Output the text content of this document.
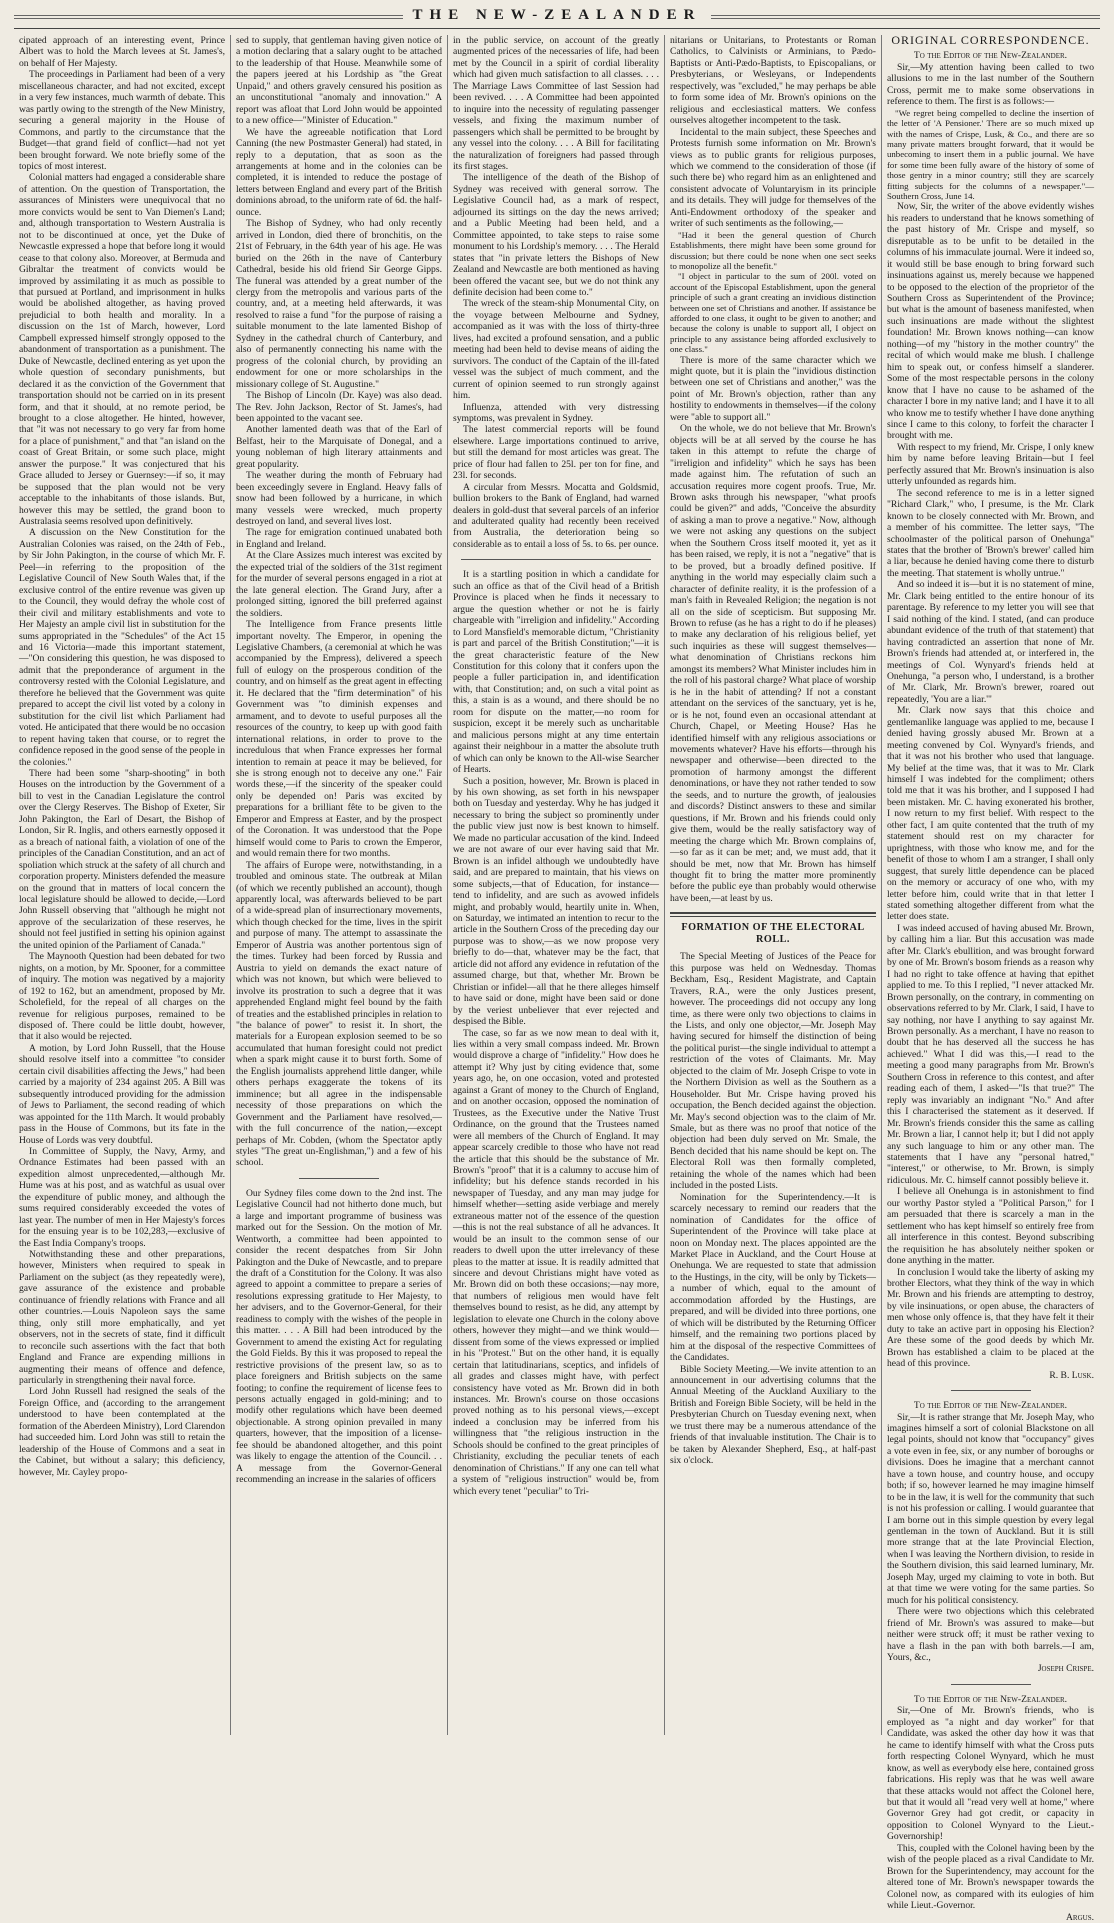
THE NEW-ZEALANDER

cipated approach of an interesting event, Prince Albert was to hold the March levees at St. James's, on behalf of Her Majesty.

The proceedings in Parliament had been of a very miscellaneous character, and had not excited, except in a very few instances, much warmth of debate. This was partly owing to the strength of the New Ministry, securing a general majority in the House of Commons, and partly to the circumstance that the Budget—that grand field of conflict—had not yet been brought forward. We note briefly some of the topics of most interest.

Colonial matters had engaged a considerable share of attention. On the question of Transportation, the assurances of Ministers were unequivocal that no more convicts would be sent to Van Diemen's Land; and, although transportation to Western Australia is not to be discontinued at once, yet the Duke of Newcastle expressed a hope that before long it would cease to that colony also. Moreover, at Bermuda and Gibraltar the treatment of convicts would be improved by assimilating it as much as possible to that pursued at Portland, and imprisonment in hulks would be abolished altogether, as having proved prejudicial to both health and morality. In a discussion on the 1st of March, however, Lord Campbell expressed himself strongly opposed to the abandonment of transportation as a punishment. The Duke of Newcastle, declined entering as yet upon the whole question of secondary punishments, but declared it as the conviction of the Government that transportation should not be carried on in its present form, and that it should, at no remote period, be brought to a close altogether. He hinted, however, that "it was not necessary to go very far from home for a place of punishment," and that "an island on the coast of Great Britain, or some such place, might answer the purpose." It was conjectured that his Grace alluded to Jersey or Guernsey:—if so, it may be supposed that the plan would not be very acceptable to the inhabitants of those islands. But, however this may be settled, the grand boon to Australasia seems resolved upon definitively.

A discussion on the New Constitution for the Australian Colonies was raised, on the 24th of Feb., by Sir John Pakington, in the course of which Mr. F. Peel—in referring to the proposition of the Legislative Council of New South Wales that, if the exclusive control of the entire revenue was given up to the Council, they would defray the whole cost of their civil and military establishments and vote to Her Majesty an ample civil list in substitution for the sums appropriated in the "Schedules" of the Act 15 and 16 Victoria—made this important statement,—"On considering this question, he was disposed to admit that the preponderance of argument in the controversy rested with the Colonial Legislature, and therefore he believed that the Government was quite prepared to accept the civil list voted by a colony in substitution for the civil list which Parliament had voted. He anticipated that there would be no occasion to repent having taken that course, or to regret the confidence reposed in the good sense of the people in the colonies."

There had been some "sharp-shooting" in both Houses on the introduction by the Government of a bill to vest in the Canadian Legislature the control over the Clergy Reserves. The Bishop of Exeter, Sir John Pakington, the Earl of Desart, the Bishop of London, Sir R. Inglis, and others earnestly opposed it as a breach of national faith, a violation of one of the principles of the Canadian Constitution, and an act of spoliation which struck at the safety of all church and corporation property. Ministers defended the measure on the ground that in matters of local concern the local legislature should be allowed to decide,—Lord John Russell observing that "although he might not approve of the secularization of these reserves, he should not feel justified in setting his opinion against the united opinion of the Parliament of Canada."

The Maynooth Question had been debated for two nights, on a motion, by Mr. Spooner, for a committee of inquiry. The motion was negatived by a majority of 192 to 162, but an amendment, proposed by Mr. Scholefield, for the repeal of all charges on the revenue for religious purposes, remained to be disposed of. There could be little doubt, however, that it also would be rejected.

A motion, by Lord John Russell, that the House should resolve itself into a committee "to consider certain civil disabilities affecting the Jews," had been carried by a majority of 234 against 205. A Bill was subsequently introduced providing for the admission of Jews to Parliament, the second reading of which was appointed for the 11th March. It would probably pass in the House of Commons, but its fate in the House of Lords was very doubtful.

In Committee of Supply, the Navy, Army, and Ordnance Estimates had been passed with an expedition almost unprecedented,—although Mr. Hume was at his post, and as watchful as usual over the expenditure of public money, and although the sums required considerably exceeded the votes of last year. The number of men in Her Majesty's forces for the ensuing year is to be 102,283,—exclusive of the East India Company's troops.

Notwithstanding these and other preparations, however, Ministers when required to speak in Parliament on the subject (as they repeatedly were), gave assurance of the existence and probable continuance of friendly relations with France and all other countries.—Louis Napoleon says the same thing, only still more emphatically, and yet observers, not in the secrets of state, find it difficult to reconcile such assertions with the fact that both England and France are expending millions in augmenting their means of offence and defence, particularly in strengthening their naval force.

Lord John Russell had resigned the seals of the Foreign Office, and (according to the arrangement understood to have been contemplated at the formation of the Aberdeen Ministry), Lord Clarendon had succeeded him. Lord John was still to retain the leadership of the House of Commons and a seat in the Cabinet, but without a salary; this deficiency, however, Mr. Cayley propo-

sed to supply, that gentleman having given notice of a motion declaring that a salary ought to be attached to the leadership of that House. Meanwhile some of the papers jeered at his Lordship as "the Great Unpaid," and others gravely censured his position as an unconstitutional "anomaly and innovation." A report was afloat that Lord John would be appointed to a new office—"Minister of Education."

We have the agreeable notification that Lord Canning (the new Postmaster General) had stated, in reply to a deputation, that as soon as the arrangements at home and in the colonies can be completed, it is intended to reduce the postage of letters between England and every part of the British dominions abroad, to the uniform rate of 6d. the half-ounce.

The Bishop of Sydney, who had only recently arrived in London, died there of bronchitis, on the 21st of February, in the 64th year of his age. He was buried on the 26th in the nave of Canterbury Cathedral, beside his old friend Sir George Gipps. The funeral was attended by a great number of the clergy from the metropolis and various parts of the country, and, at a meeting held afterwards, it was resolved to raise a fund "for the purpose of raising a suitable monument to the late lamented Bishop of Sydney in the cathedral church of Canterbury, and also of permanently connecting his name with the progress of the colonial church, by providing an endowment for one or more scholarships in the missionary college of St. Augustine."

The Bishop of Lincoln (Dr. Kaye) was also dead. The Rev. John Jackson, Rector of St. James's, had been appointed to the vacant see.

Another lamented death was that of the Earl of Belfast, heir to the Marquisate of Donegal, and a young nobleman of high literary attainments and great popularity.

The weather during the month of February had been exceedingly severe in England. Heavy falls of snow had been followed by a hurricane, in which many vessels were wrecked, much property destroyed on land, and several lives lost.

The rage for emigration continued unabated both in England and Ireland.

At the Clare Assizes much interest was excited by the expected trial of the soldiers of the 31st regiment for the murder of several persons engaged in a riot at the late general election. The Grand Jury, after a prolonged sitting, ignored the bill preferred against the soldiers.

The Intelligence from France presents little important novelty. The Emperor, in opening the Legislative Chambers, (a ceremonial at which he was accompanied by the Empress), delivered a speech full of eulogy on the prosperous condition of the country, and on himself as the great agent in effecting it. He declared that the "firm determination" of his Government was "to diminish expenses and armament, and to devote to useful purposes all the resources of the country, to keep up with good faith international relations, in order to prove to the incredulous that when France expresses her formal intention to remain at peace it may be believed, for she is strong enough not to deceive any one." Fair words these,—if the sincerity of the speaker could only be depended on! Paris was excited by preparations for a brilliant fête to be given to the Emperor and Empress at Easter, and by the prospect of the Coronation. It was understood that the Pope himself would come to Paris to crown the Emperor, and would remain there for two months.

The affairs of Europe were, notwithstanding, in a troubled and ominous state. The outbreak at Milan (of which we recently published an account), though apparently local, was afterwards believed to be part of a wide-spread plan of insurrectionary movements, which though checked for the time, lives in the spirit and purpose of many. The attempt to assassinate the Emperor of Austria was another portentous sign of the times. Turkey had been forced by Russia and Austria to yield on demands the exact nature of which was not known, but which were believed to involve its prostration to such a degree that it was apprehended England might feel bound by the faith of treaties and the established principles in relation to "the balance of power" to resist it. In short, the materials for a European explosion seemed to be so accumulated that human foresight could not predict when a spark might cause it to burst forth. Some of the English journalists apprehend little danger, while others perhaps exaggerate the tokens of its imminence; but all agree in the indispensable necessity of those preparations on which the Government and the Parliament have resolved,—with the full concurrence of the nation,—except perhaps of Mr. Cobden, (whom the Spectator aptly styles "The great un-Englishman,") and a few of his school.

Our Sydney files come down to the 2nd inst. The Legislative Council had not hitherto done much, but a large and important programme of business was marked out for the Session. On the motion of Mr. Wentworth, a committee had been appointed to consider the recent despatches from Sir John Pakington and the Duke of Newcastle, and to prepare the draft of a Constitution for the Colony. It was also agreed to appoint a committee to prepare a series of resolutions expressing gratitude to Her Majesty, to her advisers, and to the Governor-General, for their readiness to comply with the wishes of the people in this matter. . . . A Bill had been introduced by the Government to amend the existing Act for regulating the Gold Fields. By this it was proposed to repeal the restrictive provisions of the present law, so as to place foreigners and British subjects on the same footing; to confine the requirement of license fees to persons actually engaged in gold-mining; and to modify other regulations which have been deemed objectionable. A strong opinion prevailed in many quarters, however, that the imposition of a license-fee should be abandoned altogether, and this point was likely to engage the attention of the Council. . . A message from the Governor-General recommending an increase in the salaries of officers

in the public service, on account of the greatly augmented prices of the necessaries of life, had been met by the Council in a spirit of cordial liberality which had given much satisfaction to all classes. . . . The Marriage Laws Committee of last Session had been revived. . . . A Committee had been appointed to inquire into the necessity of regulating passenger vessels, and fixing the maximum number of passengers which shall be permitted to be brought by any vessel into the colony. . . . A Bill for facilitating the naturalization of foreigners had passed through its first stages.

The intelligence of the death of the Bishop of Sydney was received with general sorrow. The Legislative Council had, as a mark of respect, adjourned its sittings on the day the news arrived; and a Public Meeting had been held, and a Committee appointed, to take steps to raise some monument to his Lordship's memory. . . . The Herald states that "in private letters the Bishops of New Zealand and Newcastle are both mentioned as having been offered the vacant see, but we do not think any definite decision had been come to."

The wreck of the steam-ship Monumental City, on the voyage between Melbourne and Sydney, accompanied as it was with the loss of thirty-three lives, had excited a profound sensation, and a public meeting had been held to devise means of aiding the survivors. The conduct of the Captain of the ill-fated vessel was the subject of much comment, and the current of opinion seemed to run strongly against him.

Influenza, attended with very distressing symptoms, was prevalent in Sydney.

The latest commercial reports will be found elsewhere. Large importations continued to arrive, but still the demand for most articles was great. The price of flour had fallen to 25l. per ton for fine, and 23l. for seconds.

A circular from Messrs. Mocatta and Goldsmid, bullion brokers to the Bank of England, had warned dealers in gold-dust that several parcels of an inferior and adulterated quality had recently been received from Australia, the deterioration being so considerable as to entail a loss of 5s. to 6s. per ounce.

It is a startling position in which a candidate for such an office as that of the Civil head of a British Province is placed when he finds it necessary to argue the question whether or not he is fairly chargeable with "irreligion and infidelity." According to Lord Mansfield's memorable dictum, "Christianity is part and parcel of the British Constitution;"—it is the great characteristic feature of the New Constitution for this colony that it confers upon the people a fuller participation in, and identification with, that Constitution; and, on such a vital point as this, a stain is as a wound, and there should be no room for dispute on the matter,—no room for suspicion, except it be merely such as uncharitable and malicious persons might at any time entertain against their neighbour in a matter the absolute truth of which can only be known to the All-wise Searcher of Hearts.

Such a position, however, Mr. Brown is placed in by his own showing, as set forth in his newspaper both on Tuesday and yesterday. Why he has judged it necessary to bring the subject so prominently under the public view just now is best known to himself. We made no particular accusation of the kind. Indeed we are not aware of our ever having said that Mr. Brown is an infidel although we undoubtedly have said, and are prepared to maintain, that his views on some subjects,—that of Education, for instance—tend to infidelity, and are such as avowed infidels might, and probably would, heartily unite in. When, on Saturday, we intimated an intention to recur to the article in the Southern Cross of the preceding day our purpose was to show,—as we now propose very briefly to do—that, whatever may be the fact, that article did not afford any evidence in refutation of the assumed charge, but that, whether Mr. Brown be Christian or infidel—all that he there alleges himself to have said or done, might have been said or done by the veriest unbeliever that ever rejected and despised the Bible.

The case, so far as we now mean to deal with it, lies within a very small compass indeed. Mr. Brown would disprove a charge of "infidelity." How does he attempt it? Why just by citing evidence that, some years ago, he, on one occasion, voted and protested against a Grant of money to the Church of England, and on another occasion, opposed the nomination of Trustees, as the Executive under the Native Trust Ordinance, on the ground that the Trustees named were all members of the Church of England. It may appear scarcely credible to those who have not read the article that this should be the substance of Mr. Brown's "proof" that it is a calumny to accuse him of infidelity; but his defence stands recorded in his newspaper of Tuesday, and any man may judge for himself whether—setting aside verbiage and merely extraneous matter not of the essence of the question—this is not the real substance of all he advances. It would be an insult to the common sense of our readers to dwell upon the utter irrelevancy of these pleas to the matter at issue. It is readily admitted that sincere and devout Christians might have voted as Mr. Brown did on both these occasions;—nay more, that numbers of religious men would have felt themselves bound to resist, as he did, any attempt by legislation to elevate one Church in the colony above others, however they might—and we think would—dissent from some of the views expressed or implied in his "Protest." But on the other hand, it is equally certain that latitudinarians, sceptics, and infidels of all grades and classes might have, with perfect consistency have voted as Mr. Brown did in both instances. Mr. Brown's course on those occasions proved nothing as to his personal views,—except indeed a conclusion may be inferred from his willingness that "the religious instruction in the Schools should be confined to the great principles of Christianity, excluding the peculiar tenets of each denomination of Christians." If any one can tell what a system of "religious instruction" would be, from which every tenet "peculiar" to Tri-

nitarians or Unitarians, to Protestants or Roman Catholics, to Calvinists or Arminians, to Pædo-Baptists or Anti-Pædo-Baptists, to Episcopalians, or Presbyterians, or Wesleyans, or Independents respectively, was "excluded," he may perhaps be able to form some idea of Mr. Brown's opinions on the religious and ecclesiastical matters. We confess ourselves altogether incompetent to the task.

Incidental to the main subject, these Speeches and Protests furnish some information on Mr. Brown's views as to public grants for religious purposes, which we commend to the consideration of those (if such there be) who regard him as an enlightened and consistent advocate of Voluntaryism in its principle and its details. They will judge for themselves of the Anti-Endowment orthodoxy of the speaker and writer of such sentiments as the following,—

"Had it been the general question of Church Establishments, there might have been some ground for discussion; but there could be none when one sect seeks to monopolize all the benefit."

"I object in particular to the sum of 200l. voted on account of the Episcopal Establishment, upon the general principle of such a grant creating an invidious distinction between one set of Christians and another. If assistance be afforded to one class, it ought to be given to another; and because the colony is unable to support all, I object on principle to any assistance being afforded exclusively to one class."

There is more of the same character which we might quote, but it is plain the "invidious distinction between one set of Christians and another," was the point of Mr. Brown's objection, rather than any hostility to endowments in themselves—if the colony were "able to support all."

On the whole, we do not believe that Mr. Brown's objects will be at all served by the course he has taken in this attempt to refute the charge of "irreligion and infidelity" which he says has been made against him. The refutation of such an accusation requires more cogent proofs. True, Mr. Brown asks through his newspaper, "what proofs could be given?" and adds, "Conceive the absurdity of asking a man to prove a negative." Now, although we were not asking any questions on the subject when the Southern Cross itself mooted it, yet as it has been raised, we reply, it is not a "negative" that is to be proved, but a broadly defined positive. If anything in the world may especially claim such a character of definite reality, it is the profession of a man's faith in Revealed Religion; the negation is not all on the side of scepticism. But supposing Mr. Brown to refuse (as he has a right to do if he pleases) to make any declaration of his religious belief, yet such inquiries as these will suggest themselves—what denomination of Christians reckons him amongst its members? What Minister includes him in the roll of his pastoral charge? What place of worship is he in the habit of attending? If not a constant attendant on the services of the sanctuary, yet is he, or is he not, found even an occasional attendant at Church, Chapel, or Meeting House? Has he identified himself with any religious associations or movements whatever? Have his efforts—through his newspaper and otherwise—been directed to the promotion of harmony amongst the different denominations, or have they not rather tended to sow the seeds, and to nurture the growth, of jealousies and discords? Distinct answers to these and similar questions, if Mr. Brown and his friends could only give them, would be the really satisfactory way of meeting the charge which Mr. Brown complains of,—so far as it can be met; and, we must add, that it should be met, now that Mr. Brown has himself thought fit to bring the matter more prominently before the public eye than probably would otherwise have been,—at least by us.

FORMATION OF THE ELECTORAL ROLL.

The Special Meeting of Justices of the Peace for this purpose was held on Wednesday. Thomas Beckham, Esq., Resident Magistrate, and Captain Travers, R.A., were the only Justices present, however. The proceedings did not occupy any long time, as there were only two objections to claims in the Lists, and only one objector,—Mr. Joseph May having secured for himself the distinction of being the political purist—the single individual to attempt a restriction of the votes of Claimants. Mr. May objected to the claim of Mr. Joseph Crispe to vote in the Northern Division as well as the Southern as a Householder. But Mr. Crispe having proved his occupation, the Bench decided against the objection. Mr. May's second objection was to the claim of Mr. Smale, but as there was no proof that notice of the objection had been duly served on Mr. Smale, the Bench decided that his name should be kept on. The Electoral Roll was then formally completed, retaining the whole of the names which had been included in the posted Lists.

Nomination for the Superintendency.—It is scarcely necessary to remind our readers that the nomination of Candidates for the office of Superintendent of the Province will take place at noon on Monday next. The places appointed are the Market Place in Auckland, and the Court House at Onehunga. We are requested to state that admission to the Hustings, in the city, will be only by Tickets—a number of which, equal to the amount of accommodation afforded by the Hustings, are prepared, and will be divided into three portions, one of which will be distributed by the Returning Officer himself, and the remaining two portions placed by him at the disposal of the respective Committees of the Candidates.

Bible Society Meeting.—We invite attention to an announcement in our advertising columns that the Annual Meeting of the Auckland Auxiliary to the British and Foreign Bible Society, will be held in the Presbyterian Church on Tuesday evening next, when we trust there may be a numerous attendance of the friends of that invaluable institution. The Chair is to be taken by Alexander Shepherd, Esq., at half-past six o'clock.

ORIGINAL CORRESPONDENCE.

To the Editor of the New-Zealander.

Sir,—My attention having been called to two allusions to me in the last number of the Southern Cross, permit me to make some observations in reference to them. The first is as follows:—

"We regret being compelled to decline the insertion of the letter of 'A Pensioner.' There are so much mixed up with the names of Crispe, Lusk, & Co., and there are so many private matters brought forward, that it would be unbecoming to insert them in a public journal. We have for some time been fully aware of the history of some of those gentry in a minor country; still they are scarcely fitting subjects for the columns of a newspaper."—Southern Cross, June 14.

Now, Sir, the writer of the above evidently wishes his readers to understand that he knows something of the past history of Mr. Crispe and myself, so disreputable as to be unfit to be detailed in the columns of his immaculate journal. Were it indeed so, it would still be base enough to bring forward such insinuations against us, merely because we happened to be opposed to the election of the proprietor of the Southern Cross as Superintendent of the Province; but what is the amount of baseness manifested, when such insinuations are made without the slightest foundation! Mr. Brown knows nothing—can know nothing—of my "history in the mother country" the recital of which would make me blush. I challenge him to speak out, or confess himself a slanderer. Some of the most respectable persons in the colony know that I have no cause to be ashamed of the character I bore in my native land; and I have it to all who know me to testify whether I have done anything since I came to this colony, to forfeit the character I brought with me.

With respect to my friend, Mr. Crispe, I only knew him by name before leaving Britain—but I feel perfectly assured that Mr. Brown's insinuation is also utterly unfounded as regards him.

The second reference to me is in a letter signed "Richard Clark," who, I presume, is the Mr. Clark known to be closely connected with Mr. Brown, and a member of his committee. The letter says, "The schoolmaster of the political parson of Onehunga" states that the brother of 'Brown's brewer' called him a liar, because he denied having come there to disturb the meeting. That statement is wholly untrue."

And so indeed it is—but it is no statement of mine, Mr. Clark being entitled to the entire honour of its parentage. By reference to my letter you will see that I said nothing of the kind. I stated, (and can produce abundant evidence of the truth of that statement) that having contradicted an assertion that none of Mr. Brown's friends had attended at, or interfered in, the meetings of Col. Wynyard's friends held at Onehunga, "a person who, I understand, is a brother of Mr. Clark, Mr. Brown's brewer, roared out repeatedly, 'You are a liar.'"

Mr. Clark now says that this choice and gentlemanlike language was applied to me, because I denied having grossly abused Mr. Brown at a meeting convened by Col. Wynyard's friends, and that it was not his brother who used that language. My belief at the time was, that it was to Mr. Clark himself I was indebted for the compliment; others told me that it was his brother, and I supposed I had been mistaken. Mr. C. having exonerated his brother, I now return to my first belief. With respect to the other fact, I am quite contented that the truth of my statement should rest on my character for uprightness, with those who know me, and for the benefit of those to whom I am a stranger, I shall only suggest, that surely little dependence can be placed on the memory or accuracy of one who, with my letter before him, could write that in that letter I stated something altogether different from what the letter does state.

I was indeed accused of having abused Mr. Brown, by calling him a liar. But this accusation was made after Mr. Clark's ebullition, and was brought forward by one of Mr. Brown's bosom friends as a reason why I had no right to take offence at having that epithet applied to me. To this I replied, "I never attacked Mr. Brown personally, on the contrary, in commenting on observations referred to by Mr. Clark, I said, I have to say nothing, nor have I anything to say against Mr. Brown personally. As a merchant, I have no reason to doubt that he has deserved all the success he has achieved." What I did was this,—I read to the meeting a good many paragraphs from Mr. Brown's Southern Cross in reference to this contest, and after reading each of them, I asked—"Is that true?" The reply was invariably an indignant "No." And after this I characterised the statement as it deserved. If Mr. Brown's friends consider this the same as calling Mr. Brown a liar, I cannot help it; but I did not apply any such language to him or any other man. The statements that I have any "personal hatred," "interest," or otherwise, to Mr. Brown, is simply ridiculous. Mr. C. himself cannot possibly believe it.

I believe all Onehunga is in astonishment to find our worthy Pastor styled a "Political Parson," for I am persuaded that there is scarcely a man in the settlement who has kept himself so entirely free from all interference in this contest. Beyond subscribing the requisition he has absolutely neither spoken or done anything in the matter.

In conclusion I would take the liberty of asking my brother Electors, what they think of the way in which Mr. Brown and his friends are attempting to destroy, by vile insinuations, or open abuse, the characters of men whose only offence is, that they have felt it their duty to take an active part in opposing his Election? Are these some of the good deeds by which Mr. Brown has established a claim to be placed at the head of this province.

R. B. Lusk.

To the Editor of the New-Zealander.

Sir,—It is rather strange that Mr. Joseph May, who imagines himself a sort of colonial Blackstone on all legal points, should not know that "occupancy" gives a vote even in fee, six, or any number of boroughs or divisions. Does he imagine that a merchant cannot have a town house, and country house, and occupy both; if so, however learned he may imagine himself to be in the law, it is well for the community that such is not his profession or calling. I would guarantee that I am borne out in this simple question by every legal gentleman in the town of Auckland. But it is still more strange that at the late Provincial Election, when I was leaving the Northern division, to reside in the Southern division, this said learned luminary, Mr. Joseph May, urged my claiming to vote in both. But at that time we were voting for the same parties. So much for his political consistency.

There were two objections which this celebrated friend of Mr. Brown's was assured to make—but neither were struck off; it must be rather vexing to have a flash in the pan with both barrels.—I am, Yours, &c.,

Joseph Crispe.

To the Editor of the New-Zealander.

Sir,—One of Mr. Brown's friends, who is employed as "a night and day worker" for that Candidate, was asked the other day how it was that he came to identify himself with what the Cross puts forth respecting Colonel Wynyard, which he must know, as well as everybody else here, contained gross fabrications. His reply was that he was well aware that these attacks would not affect the Colonel here, but that it would all "read very well at home," where Governor Grey had got credit, or capacity in opposition to Colonel Wynyard to the Lieut.-Governorship!

This, coupled with the Colonel having been by the wish of the people placed as a rival Candidate to Mr. Brown for the Superintendency, may account for the altered tone of Mr. Brown's newspaper towards the Colonel now, as compared with its eulogies of him while Lieut.-Governor.

Argus.
